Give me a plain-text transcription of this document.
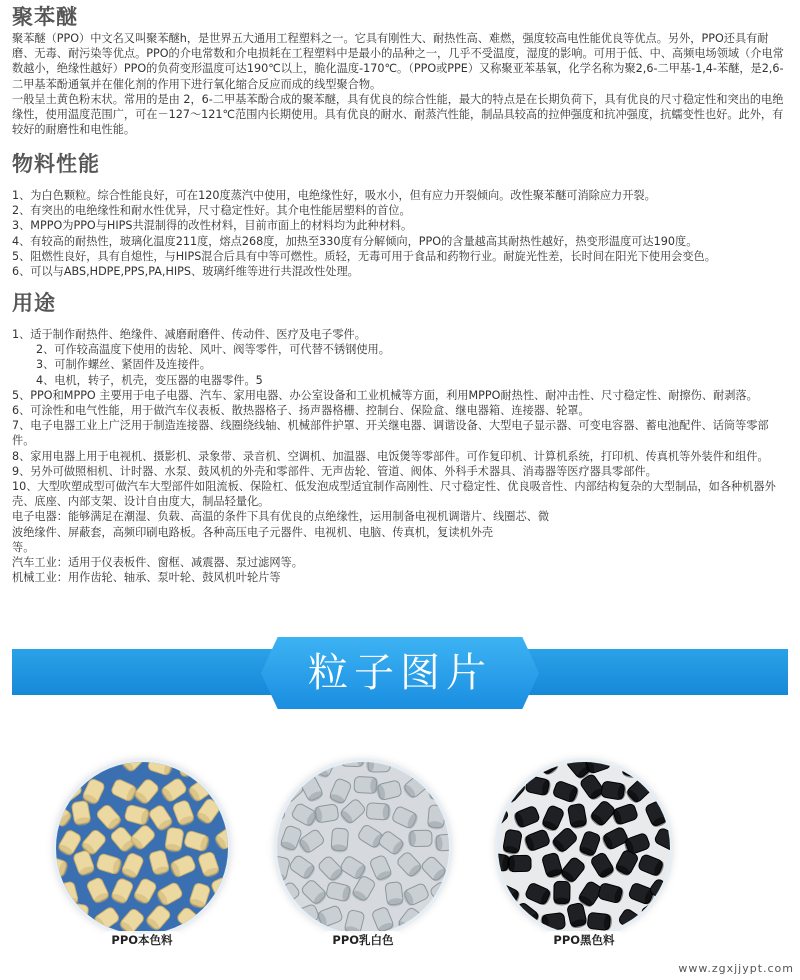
聚苯醚

聚苯醚（PPO）中文名又叫聚苯醚h，是世界五大通用工程塑料之一。它具有刚性大、耐热性高、难燃，强度较高电性能优良等优点。另外，PPO还具有耐磨、无毒、耐污染等优点。PPO的介电常数和介电损耗在工程塑料中是最小的品种之一，几乎不受温度，湿度的影响。可用于低、中、高频电场领域（介电常数越小，绝缘性越好）PPO的负荷变形温度可达190℃以上，脆化温度-170℃。（PPO或PPE）又称聚亚苯基氧，化学名称为聚2,6-二甲基-1,4-苯醚，是2,6-二甲基苯酚通氧并在催化剂的作用下进行氧化缩合反应而成的线型聚合物。

一般呈土黄色粉末状。常用的是由 2，6-二甲基苯酚合成的聚苯醚，具有优良的综合性能，最大的特点是在长期负荷下，具有优良的尺寸稳定性和突出的电绝缘性，使用温度范围广，可在－127～121℃范围内长期使用。具有优良的耐水、耐蒸汽性能，制品具较高的拉伸强度和抗冲强度，抗蠕变性也好。此外，有较好的耐磨性和电性能。

物料性能
1、为白色颗粒。综合性能良好，可在120度蒸汽中使用，电绝缘性好，吸水小，但有应力开裂倾向。改性聚苯醚可消除应力开裂。
2、有突出的电绝缘性和耐水性优异，尺寸稳定性好。其介电性能居塑料的首位。
3、MPPO为PPO与HIPS共混制得的改性材料，目前市面上的材料均为此种材料。
4、有较高的耐热性，玻璃化温度211度，熔点268度，加热至330度有分解倾向，PPO的含量越高其耐热性越好，热变形温度可达190度。
5、阻燃性良好，具有自熄性，与HIPS混合后具有中等可燃性。质轻，无毒可用于食品和药物行业。耐旋光性差，长时间在阳光下使用会变色。
6、可以与ABS,HDPE,PPS,PA,HIPS、玻璃纤维等进行共混改性处理。
用途
1、适于制作耐热件、绝缘件、减磨耐磨件、传动件、医疗及电子零件。
2、可作较高温度下使用的齿轮、风叶、阀等零件，可代替不锈钢使用。
3、可制作螺丝、紧固件及连接件。
4、电机，转子，机壳，变压器的电器零件。5
5、PPO和MPPO 主要用于电子电器、汽车、家用电器、办公室设备和工业机械等方面，利用MPPO耐热性、耐冲击性、尺寸稳定性、耐擦伤、耐剥落。
6、可涂性和电气性能，用于做汽车仪表板、散热器格子、扬声器格栅、控制台、保险盒、继电器箱、连接器、轮罩。
7、电子电器工业上广泛用于制造连接器、线圈绕线轴、机械部件护罩、开关继电器、调谐设备、大型电子显示器、可变电容器、蓄电池配件、话筒等零部件。
8、家用电器上用于电视机、摄影机、录象带、录音机、空调机、加温器、电饭煲等零部件。可作复印机、计算机系统，打印机、传真机等外装件和组件。
9、另外可做照相机、计时器、水泵、鼓风机的外壳和零部件、无声齿轮、管道、阀体、外科手术器具、消毒器等医疗器具零部件。
10、大型吹塑成型可做汽车大型部件如阻流板、保险杠、低发泡成型适宜制作高刚性、尺寸稳定性、优良吸音性、内部结构复杂的大型制品，如各种机器外壳、底座、内部支架、设计自由度大，制品轻量化。
电子电器：能够满足在潮湿、负载、高温的条件下具有优良的点绝缘性，运用制备电视机调谐片、线圈芯、微
波绝缘件、屏蔽套，高频印刷电路板。各种高压电子元器件、电视机、电脑、传真机，复读机外壳
等。
汽车工业：适用于仪表板件、窗框、减震器、泵过滤网等。
机械工业：用作齿轮、轴承、泵叶轮、鼓风机叶轮片等
粒子图片
PPO本色料	PPO乳白色	PPO黑色料
www.zgxjjypt.com
